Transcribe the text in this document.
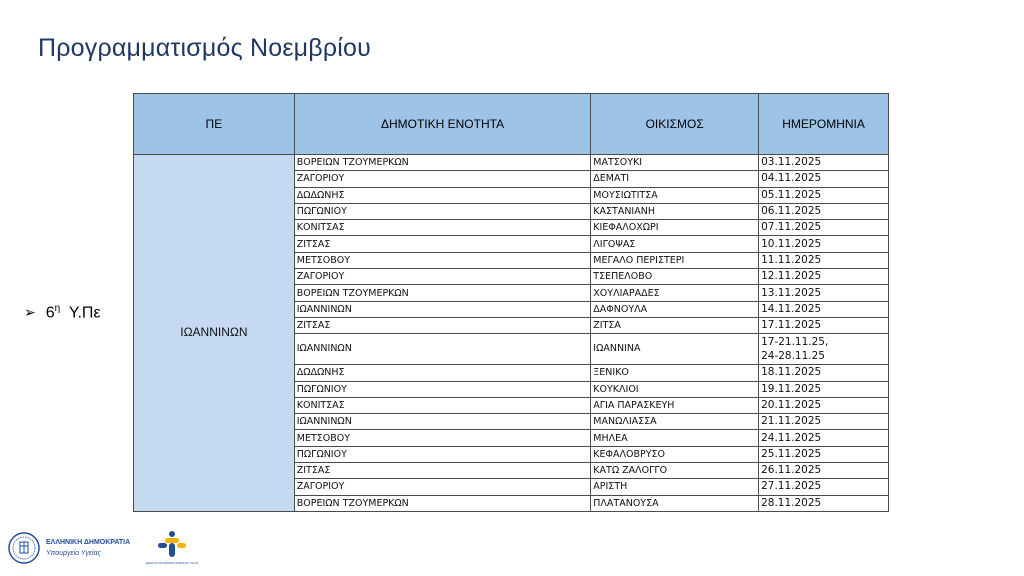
Προγραμματισμός Νοεμβρίου
➢ $6^\eta$ Υ.Πε
ΠΕ	ΔΗΜΟΤΙΚΗ ΕΝΟΤΗΤΑ	ΟΙΚΙΣΜΟΣ	ΗΜΕΡΟΜΗΝΙΑ
ΙΩΑΝΝΙΝΩΝ	ΒΟΡΕΙΩΝ ΤΖΟΥΜΕΡΚΩΝ	ΜΑΤΣΟΥΚΙ	03.11.2025
	ΖΑΓΟΡΙΟΥ	ΔΕΜΑΤΙ	04.11.2025
	ΔΩΔΩΝΗΣ	ΜΟΥΣΙΩΤΙΤΣΑ	05.11.2025
	ΠΩΓΩΝΙΟΥ	ΚΑΣΤΑΝΙΑΝΗ	06.11.2025
	ΚΟΝΙΤΣΑΣ	ΚΙΕΦΑΛΟΧΩΡΙ	07.11.2025
	ΖΙΤΣΑΣ	ΛΙΓΟΨΑΣ	10.11.2025
	ΜΕΤΣΟΒΟΥ	ΜΕΓΑΛΟ ΠΕΡΙΣΤΕΡΙ	11.11.2025
	ΖΑΓΟΡΙΟΥ	ΤΣΕΠΕΛΟΒΟ	12.11.2025
	ΒΟΡΕΙΩΝ ΤΖΟΥΜΕΡΚΩΝ	ΧΟΥΛΙΑΡΑΔΕΣ	13.11.2025
	ΙΩΑΝΝΙΝΩΝ	ΔΑΦΝΟΥΛΑ	14.11.2025
	ΖΙΤΣΑΣ	ΖΙΤΣΑ	17.11.2025
	ΙΩΑΝΝΙΝΩΝ	ΙΩΑΝΝΙΝΑ	17-21.11.25,
24-28.11.25

	ΔΩΔΩΝΗΣ	ΞΕΝΙΚΟ	18.11.2025
	ΠΩΓΩΝΙΟΥ	ΚΟΥΚΛΙΟΙ	19.11.2025
	ΚΟΝΙΤΣΑΣ	ΑΓΙΑ ΠΑΡΑΣΚΕΥΗ	20.11.2025
	ΙΩΑΝΝΙΝΩΝ	ΜΑΝΩΛΙΑΣΣΑ	21.11.2025
	ΜΕΤΣΟΒΟΥ	ΜΗΛΕΑ	24.11.2025
	ΠΩΓΩΝΙΟΥ	ΚΕΦΑΛΟΒΡΥΣΟ	25.11.2025
	ΖΙΤΣΑΣ	ΚΑΤΩ ΖΑΛΟΓΓΟ	26.11.2025
	ΖΑΓΟΡΙΟΥ	ΑΡΙΣΤΗ	27.11.2025
	ΒΟΡΕΙΩΝ ΤΖΟΥΜΕΡΚΩΝ	ΠΛΑΤΑΝΟΥΣΑ	28.11.2025
ΕΛΛΗΝΙΚΗ ΔΗΜΟΚΡΑΤΙΑ
Υπουργείο Υγείας
ΕΘΝΙΚΟΣ ΟΡΓΑΝΙΣΜΟΣ ΔΗΜΟΣΙΑΣ ΥΓΕΙΑΣ
